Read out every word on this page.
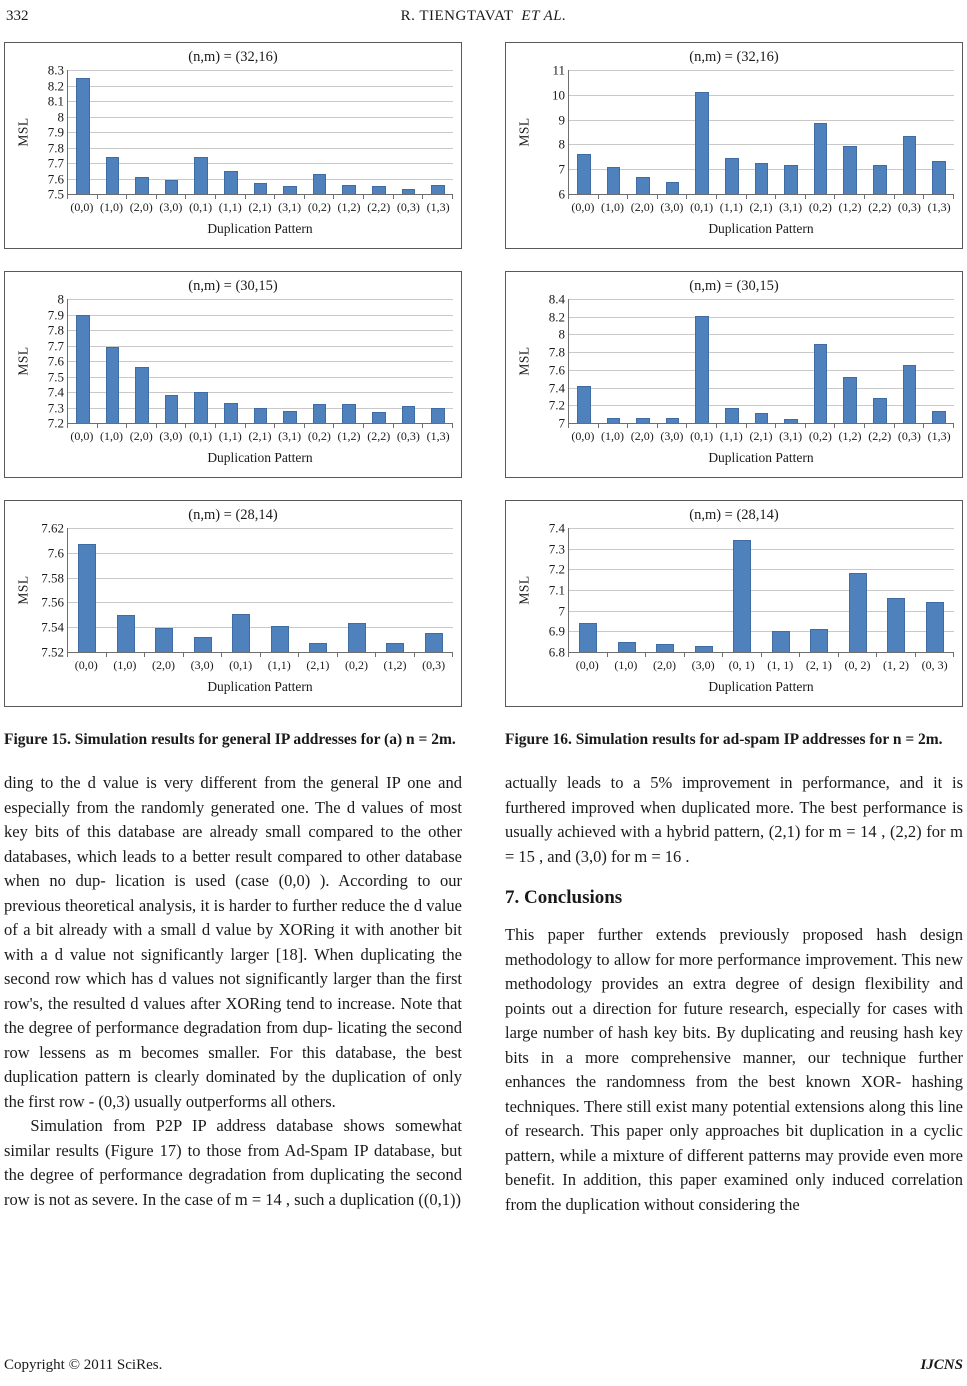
332	R. TIENGTAVAT ET AL.
(n,m) = (32,16)
MSL
7.5
7.6
7.7
7.8
7.9
8
8.1
8.2
8.3
(0,0) (1,0) (2,0) (3,0) (0,1) (1,1) (2,1) (3,1) (0,2) (1,2) (2,2) (0,3) (1,3)
Duplication Pattern
(n,m) = (30,15)
MSL
7.2
7.3
7.4
7.5
7.6
7.7
7.8
7.9
8
(0,0) (1,0) (2,0) (3,0) (0,1) (1,1) (2,1) (3,1) (0,2) (1,2) (2,2) (0,3) (1,3)
Duplication Pattern
(n,m) = (28,14)
MSL
7.52
7.54
7.56
7.58
7.6
7.62
(0,0)	(1,0)	(2,0)	(3,0)	(0,1)	(1,1)	(2,1)	(0,2)	(1,2)	(0,3)
Duplication Pattern
Figure 15. Simulation results for general IP addresses for (a) n = 2m.

ding to the d value is very different from the general IP one and especially from the randomly generated one. The d values of most key bits of this database are already small compared to the other databases, which leads to a better result compared to other database when no dup- lication is used (case (0,0) ). According to our previous theoretical analysis, it is harder to further reduce the d value of a bit already with a small d value by XORing it with another bit with a d value not significantly larger [18]. When duplicating the second row which has d values not significantly larger than the first row's, the resulted d values after XORing tend to increase. Note that the degree of performance degradation from dup- licating the second row lessens as m becomes smaller. For this database, the best duplication pattern is clearly dominated by the duplication of only the first row - (0,3) usually outperforms all others.

Simulation from P2P IP address database shows somewhat similar results (Figure 17) to those from Ad-Spam IP database, but the degree of performance degradation from duplicating the second row is not as severe. In the case of m = 14 , such a duplication ((0,1))

(n,m) = (32,16)
MSL
6
7
8
9
10
11
(0,0) (1,0) (2,0) (3,0) (0,1) (1,1) (2,1) (3,1) (0,2) (1,2) (2,2) (0,3) (1,3)
Duplication Pattern
(n,m) = (30,15)
MSL
7
7.2
7.4
7.6
7.8
8
8.2
8.4
(0,0) (1,0) (2,0) (3,0) (0,1) (1,1) (2,1) (3,1) (0,2) (1,2) (2,2) (0,3) (1,3)
Duplication Pattern
(n,m) = (28,14)
MSL
6.8
6.9
7
7.1
7.2
7.3
7.4
(0,0)	(1,0)	(2,0)	(3,0)	(0, 1)	(1, 1)	(2, 1)	(0, 2)	(1, 2)	(0, 3)
Duplication Pattern
Figure 16. Simulation results for ad-spam IP addresses for n = 2m.

actually leads to a 5% improvement in performance, and it is furthered improved when duplicated more. The best performance is usually achieved with a hybrid pattern, (2,1) for m = 14 , (2,2) for m = 15 , and (3,0) for m = 16 .

7. Conclusions

This paper further extends previously proposed hash design methodology to allow for more performance improvement. This new methodology provides an extra degree of design flexibility and points out a direction for future research, especially for cases with large number of hash key bits. By duplicating and reusing hash key bits in a more comprehensive manner, our technique further enhances the randomness from the best known XOR- hashing techniques. There still exist many potential extensions along this line of research. This paper only approaches bit duplication in a cyclic pattern, while a mixture of different patterns may provide even more benefit. In addition, this paper examined only induced correlation from the duplication without considering the

Copyright © 2011 SciRes.	IJCNS
